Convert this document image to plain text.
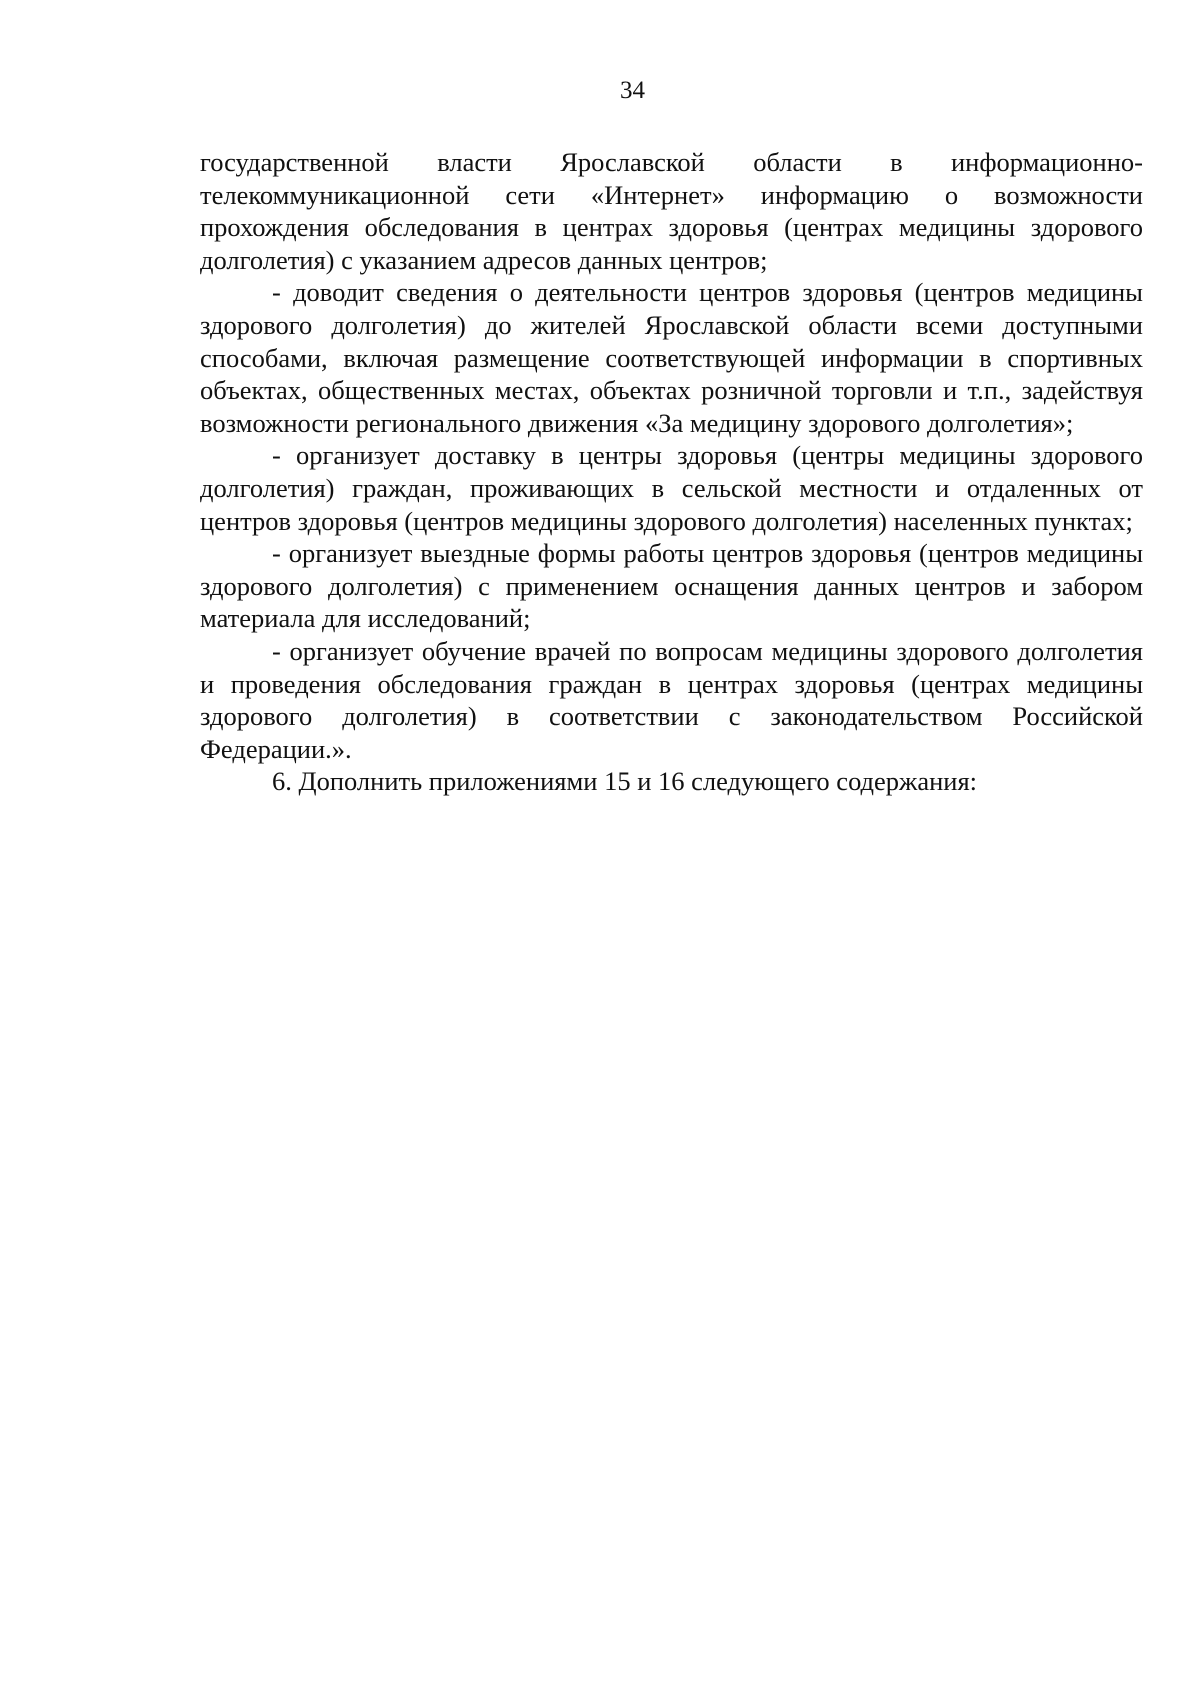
34

государственной власти Ярославской области в информационно-телекоммуникационной сети «Интернет» информацию о возможности прохождения обследования в центрах здоровья (центрах медицины здорового долголетия) с указанием адресов данных центров;

- доводит сведения о деятельности центров здоровья (центров медицины здорового долголетия) до жителей Ярославской области всеми доступными способами, включая размещение соответствующей информации в спортивных объектах, общественных местах, объектах розничной торговли и т.п., задействуя возможности регионального движения «За медицину здорового долголетия»;

- организует доставку в центры здоровья (центры медицины здорового долголетия) граждан, проживающих в сельской местности и отдаленных от центров здоровья (центров медицины здорового долголетия) населенных пунктах;

- организует выездные формы работы центров здоровья (центров медицины здорового долголетия) с применением оснащения данных центров и забором материала для исследований;

- организует обучение врачей по вопросам медицины здорового долголетия и проведения обследования граждан в центрах здоровья (центрах медицины здорового долголетия) в соответствии с законодательством Российской Федерации.».

6. Дополнить приложениями 15 и 16 следующего содержания:
